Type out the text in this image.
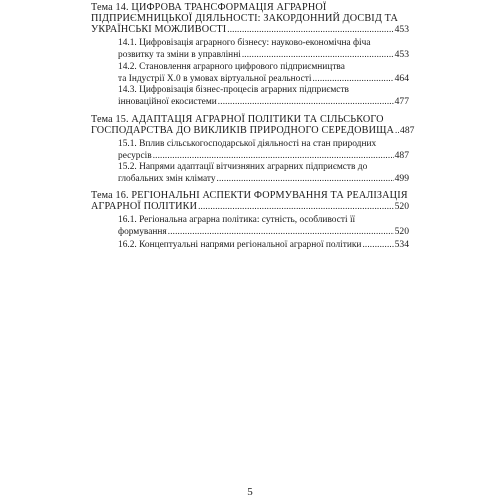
Тема 14. ЦИФРОВА ТРАНСФОРМАЦІЯ АГРАРНОЇ
ПІДПРИЄМНИЦЬКОЇ ДІЯЛЬНОСТІ: ЗАКОРДОННИЙ ДОСВІД ТА
УКРАЇНСЬКІ МОЖЛИВОСТІ .....	453
14.1. Цифровізація аграрного бізнесу: науково-економічна фіча
розвитку та зміни в управлінні .....	453
14.2. Становлення аграрного цифрового підприємництва
та Індустрії Х.0 в умовах віртуальної реальності .....	464
14.3. Цифровізація бізнес-процесів аграрних підприємств
інноваційної екосистеми .....	477
Тема 15. АДАПТАЦІЯ АГРАРНОЇ ПОЛІТИКИ ТА СІЛЬСЬКОГО
ГОСПОДАРСТВА ДО ВИКЛИКІВ ПРИРОДНОГО СЕРЕДОВИЩА ..... 487
15.1. Вплив сільськогосподарської діяльності на стан природних
ресурсів .....	487
15.2. Напрями адаптації вітчизняних аграрних підприємств до
глобальних змін клімату .....	499
Тема 16. РЕГІОНАЛЬНІ АСПЕКТИ ФОРМУВАННЯ ТА РЕАЛІЗАЦІЯ
АГРАРНОЇ ПОЛІТИКИ .....	520
16.1. Регіональна аграрна політика: сутність, особливості її
формування .....	520
16.2. Концептуальні напрями регіональної аграрної політики .....	534
5
